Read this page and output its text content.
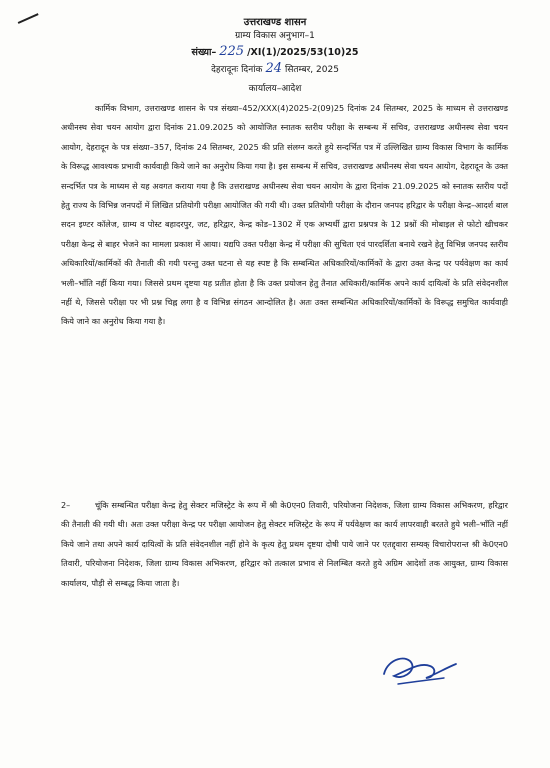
उत्तराखण्ड शासन
ग्राम्य विकास अनुभाग–1
संख्या– 225 /XI(1)/2025/53(10)25
देहरादूनः दिनांक 24 सितम्बर, 2025
कार्यालय–आदेश

कार्मिक विभाग, उत्तराखण्ड शासन के पत्र संख्या–452/XXX(4)2025-2(09)25 दिनांक 24 सितम्बर, 2025 के माध्यम से उत्तराखण्ड अधीनस्थ सेवा चयन आयोग द्वारा दिनांक 21.09.2025 को आयोजित स्नातक स्तरीय परीक्षा के सम्बन्ध में सचिव, उत्तराखण्ड अधीनस्थ सेवा चयन आयोग, देहरादून के पत्र संख्या–357, दिनांक 24 सितम्बर, 2025 की प्रति संलग्न करते हुये सन्दर्भित पत्र में उल्लिखित ग्राम्य विकास विभाग के कार्मिक के विरूद्ध आवश्यक प्रभावी कार्यवाही किये जाने का अनुरोध किया गया है। इस सम्बन्ध में सचिव, उत्तराखण्ड अधीनस्थ सेवा चयन आयोग, देहरादून के उक्त सन्दर्भित पत्र के माध्यम से यह अवगत कराया गया है कि उत्तराखण्ड अधीनस्थ सेवा चयन आयोग के द्वारा दिनांक 21.09.2025 को स्नातक स्तरीय पदों हेतु राज्य के विभिन्न जनपदों में लिखित प्रतियोगी परीक्षा आयोजित की गयी थी। उक्त प्रतियोगी परीक्षा के दौरान जनपद हरिद्वार के परीक्षा केन्द्र–आदर्श बाल सदन इण्टर कॉलेज, ग्राम्य व पोस्ट बहादरपुर, जट, हरिद्वार, केन्द्र कोड–1302 में एक अभ्यर्थी द्वारा प्रश्नपत्र के 12 प्रश्नों की मोबाइल से फोटो खीचकर परीक्षा केन्द्र से बाहर भेजने का मामला प्रकाश में आया। यद्यपि उक्त परीक्षा केन्द्र में परीक्षा की सुचिता एवं पारदर्शिता बनाये रखने हेतु विभिन्न जनपद स्तरीय अधिकारियों/कार्मिकों की तैनाती की गयी परन्तु उक्त घटना से यह स्पष्ट है कि सम्बन्धित अधिकारियों/कार्मिकों के द्वारा उक्त केन्द्र पर पर्यवेक्षण का कार्य भली–भाँति नहीं किया गया। जिससे प्रथम दृष्टया यह प्रतीत होता है कि उक्त प्रयोजन हेतु तैनात अधिकारी/कार्मिक अपने कार्य दायित्वों के प्रति संवेदनशील नहीं थे, जिससे परीक्षा पर भी प्रश्न चिह्न लगा है व विभिन्न संगठन आन्दोलित है। अतः उक्त सम्बन्धित अधिकारियों/कार्मिकों के विरूद्ध समुचित कार्यवाही किये जाने का अनुरोध किया गया है।

2–	चूंकि सम्बन्धित परीक्षा केन्द्र हेतु सेक्टर मजिस्ट्रेट के रूप में श्री के0एन0 तिवारी, परियोजना निदेशक, जिला ग्राम्य विकास अभिकरण, हरिद्वार की तैनाती की गयी थी। अतः उक्त परीक्षा केन्द्र पर परीक्षा आयोजन हेतु सेक्टर मजिस्ट्रेट के रूप में पर्यवेक्षण का कार्य लापरवाही बरतते हुये भली–भाँति नहीं किये जाने तथा अपने कार्य दायित्वों के प्रति संवेदनशील नहीं होने के कृत्य हेतु प्रथम दृष्टया दोषी पाये जाने पर एतद्द्वारा सम्यक् विचारोपरान्त श्री के0एन0 तिवारी, परियोजना निदेशक, जिला ग्राम्य विकास अभिकरण, हरिद्वार को तत्काल प्रभाव से निलम्बित करते हुये अग्रिम आदेशों तक आयुक्त, ग्राम्य विकास कार्यालय, पौड़ी से सम्बद्ध किया जाता है।
